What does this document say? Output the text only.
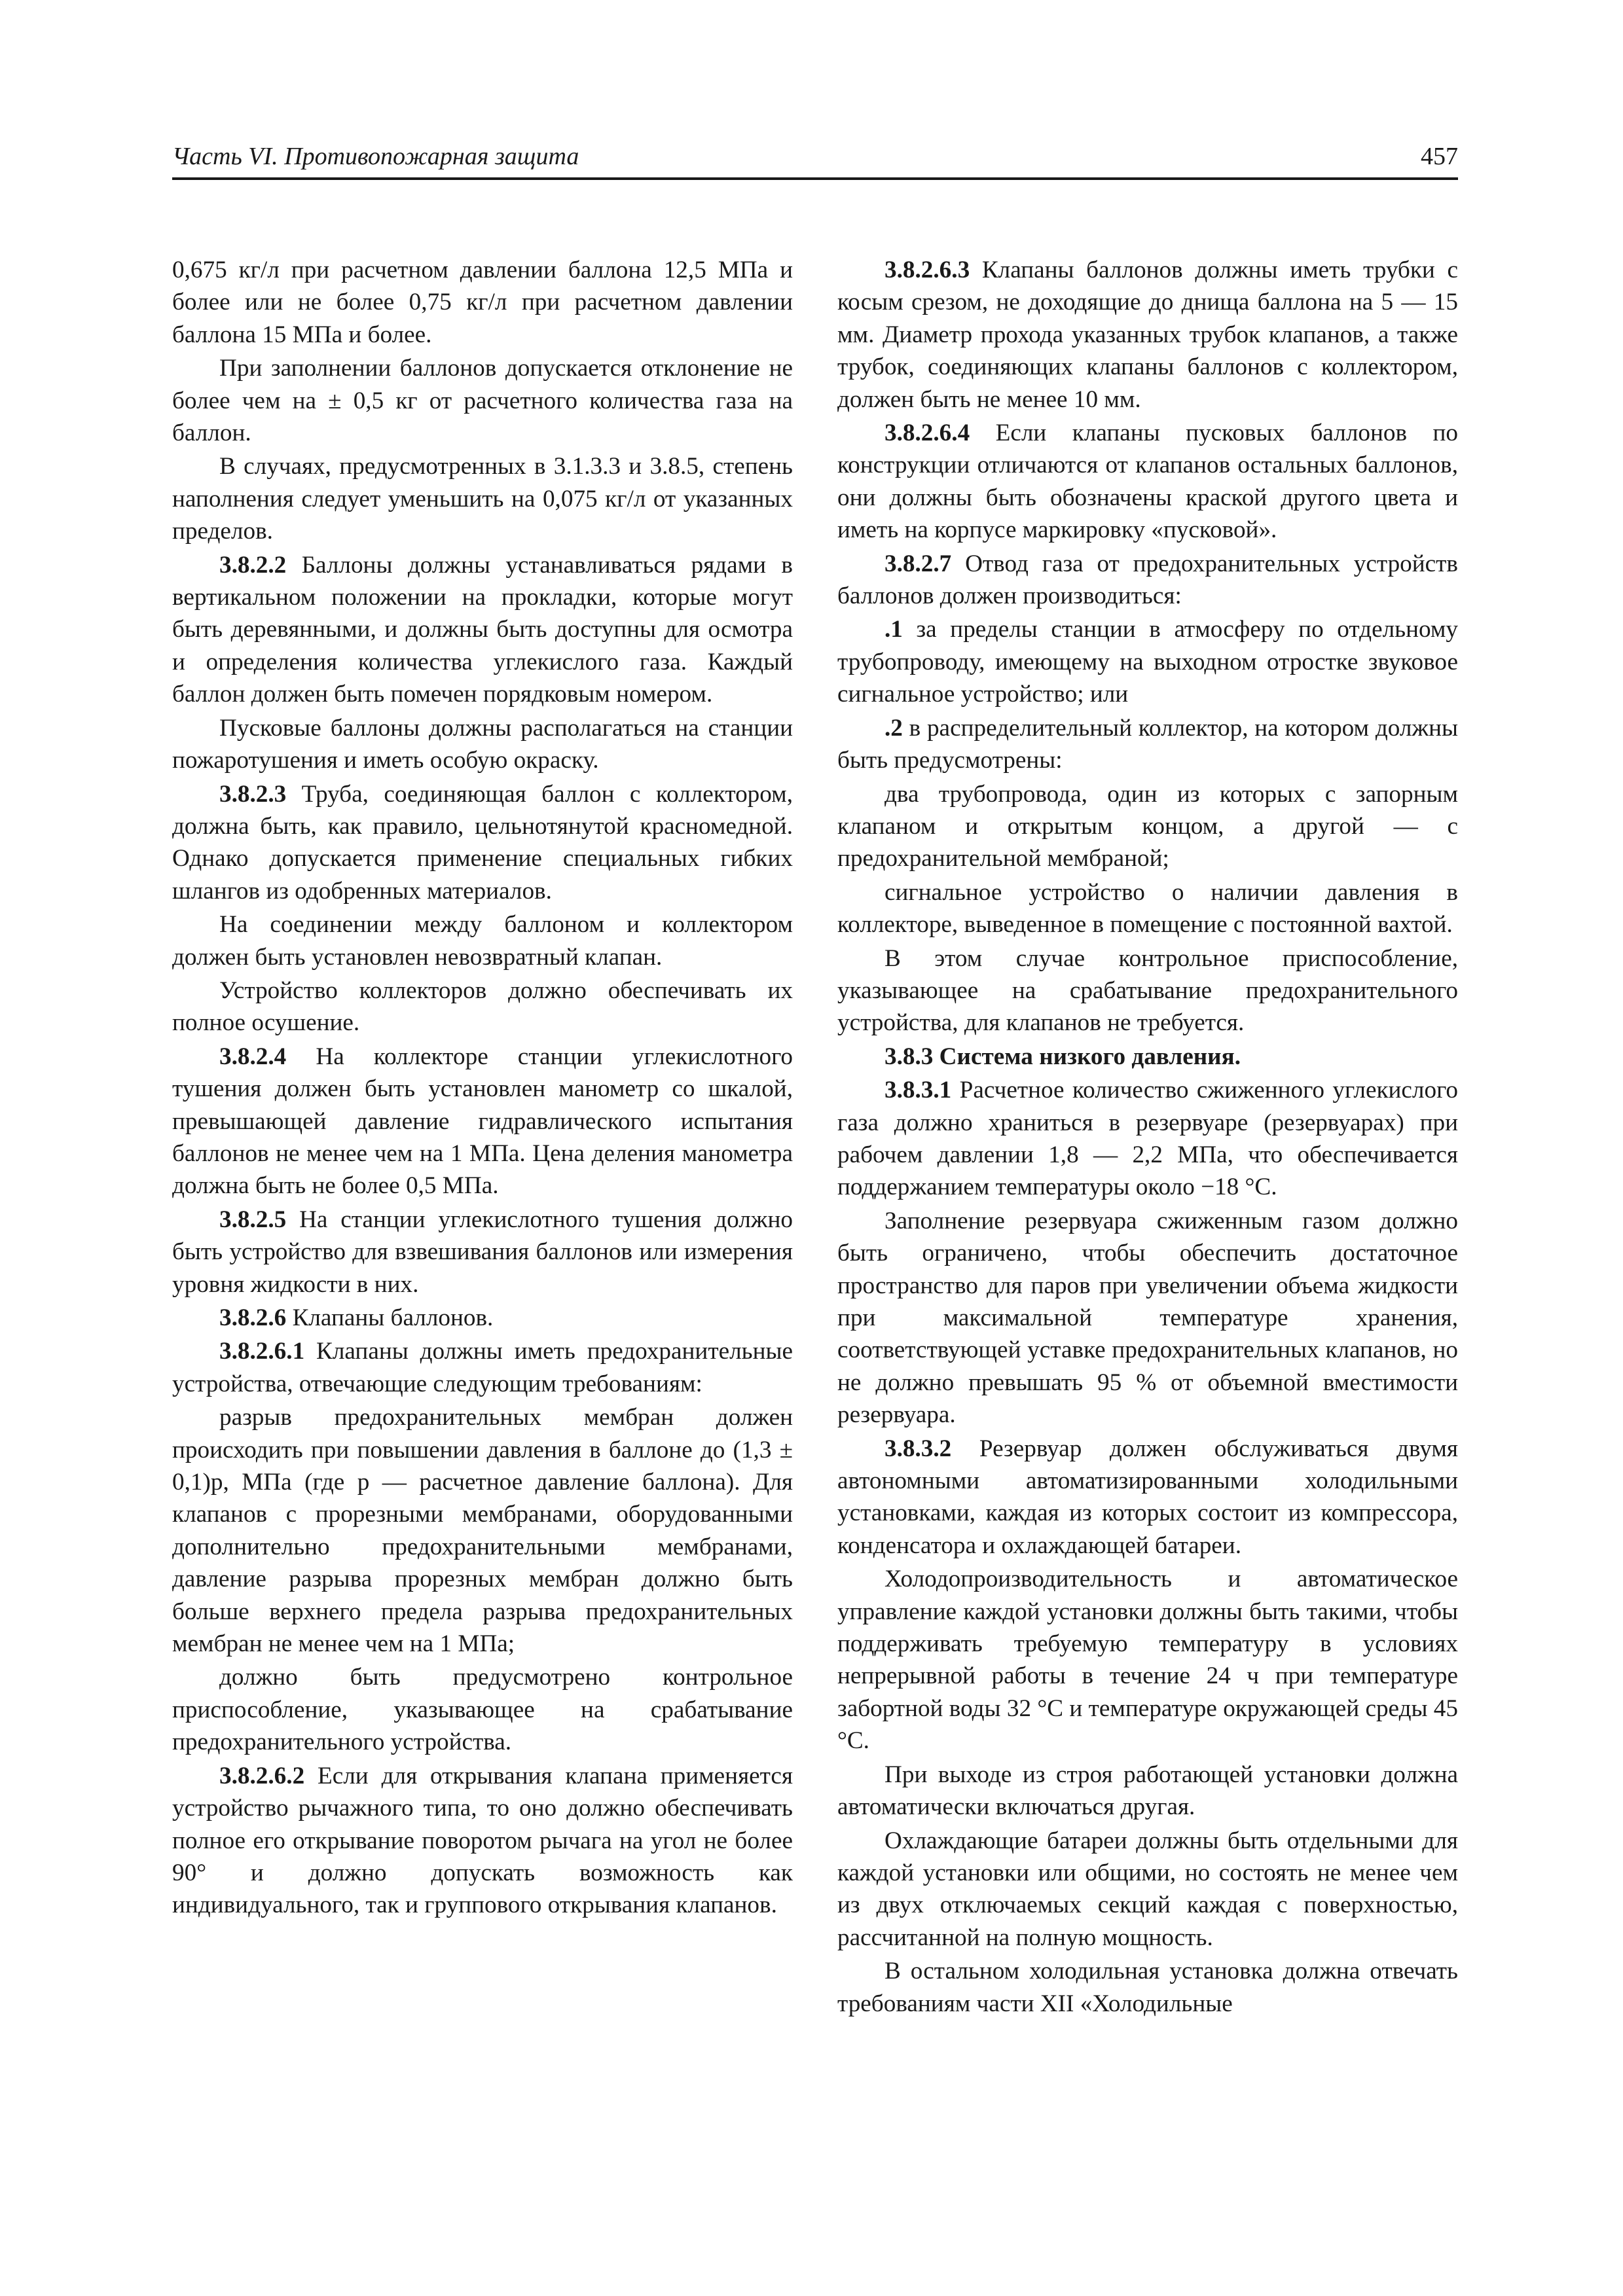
Часть VI. Противопожарная защита	457

0,675 кг/л при расчетном давлении баллона 12,5 МПа и более или не более 0,75 кг/л при расчетном давлении баллона 15 МПа и более.

При заполнении баллонов допускается отклонение не более чем на ± 0,5 кг от расчетного количества газа на баллон.

В случаях, предусмотренных в 3.1.3.3 и 3.8.5, степень наполнения следует уменьшить на 0,075 кг/л от указанных пределов.

3.8.2.2 Баллоны должны устанавливаться рядами в вертикальном положении на прокладки, которые могут быть деревянными, и должны быть доступны для осмотра и определения количества углекислого газа. Каждый баллон должен быть помечен порядковым номером.

Пусковые баллоны должны располагаться на станции пожаротушения и иметь особую окраску.

3.8.2.3 Труба, соединяющая баллон с коллектором, должна быть, как правило, цельнотянутой красномедной. Однако допускается применение специальных гибких шлангов из одобренных материалов.

На соединении между баллоном и коллектором должен быть установлен невозвратный клапан.

Устройство коллекторов должно обеспечивать их полное осушение.

3.8.2.4 На коллекторе станции углекислотного тушения должен быть установлен манометр со шкалой, превышающей давление гидравлического испытания баллонов не менее чем на 1 МПа. Цена деления манометра должна быть не более 0,5 МПа.

3.8.2.5 На станции углекислотного тушения должно быть устройство для взвешивания баллонов или измерения уровня жидкости в них.

3.8.2.6 Клапаны баллонов.

3.8.2.6.1 Клапаны должны иметь предохранительные устройства, отвечающие следующим требованиям:

разрыв предохранительных мембран должен происходить при повышении давления в баллоне до (1,3 ± 0,1)p, МПа (где p — расчетное давление баллона). Для клапанов с прорезными мембранами, оборудованными дополнительно предохранительными мембранами, давление разрыва прорезных мембран должно быть больше верхнего предела разрыва предохранительных мембран не менее чем на 1 МПа;

должно быть предусмотрено контрольное приспособление, указывающее на срабатывание предохранительного устройства.

3.8.2.6.2 Если для открывания клапана применяется устройство рычажного типа, то оно должно обеспечивать полное его открывание поворотом рычага на угол не более 90° и должно допускать возможность как индивидуального, так и группового открывания клапанов.

3.8.2.6.3 Клапаны баллонов должны иметь трубки с косым срезом, не доходящие до днища баллона на 5 — 15 мм. Диаметр прохода указанных трубок клапанов, а также трубок, соединяющих клапаны баллонов с коллектором, должен быть не менее 10 мм.

3.8.2.6.4 Если клапаны пусковых баллонов по конструкции отличаются от клапанов остальных баллонов, они должны быть обозначены краской другого цвета и иметь на корпусе маркировку «пусковой».

3.8.2.7 Отвод газа от предохранительных устройств баллонов должен производиться:

.1 за пределы станции в атмосферу по отдельному трубопроводу, имеющему на выходном отростке звуковое сигнальное устройство; или

.2 в распределительный коллектор, на котором должны быть предусмотрены:

два трубопровода, один из которых с запорным клапаном и открытым концом, а другой — с предохранительной мембраной;

сигнальное устройство о наличии давления в коллекторе, выведенное в помещение с постоянной вахтой.

В этом случае контрольное приспособление, указывающее на срабатывание предохранительного устройства, для клапанов не требуется.

3.8.3 Система низкого давления.

3.8.3.1 Расчетное количество сжиженного углекислого газа должно храниться в резервуаре (резервуарах) при рабочем давлении 1,8 — 2,2 МПа, что обеспечивается поддержанием температуры около −18 °С.

Заполнение резервуара сжиженным газом должно быть ограничено, чтобы обеспечить достаточное пространство для паров при увеличении объема жидкости при максимальной температуре хранения, соответствующей уставке предохранительных клапанов, но не должно превышать 95 % от объемной вместимости резервуара.

3.8.3.2 Резервуар должен обслуживаться двумя автономными автоматизированными холодильными установками, каждая из которых состоит из компрессора, конденсатора и охлаждающей батареи.

Холодопроизводительность и автоматическое управление каждой установки должны быть такими, чтобы поддерживать требуемую температуру в условиях непрерывной работы в течение 24 ч при температуре забортной воды 32 °С и температуре окружающей среды 45 °С.

При выходе из строя работающей установки должна автоматически включаться другая.

Охлаждающие батареи должны быть отдельными для каждой установки или общими, но состоять не менее чем из двух отключаемых секций каждая с поверхностью, рассчитанной на полную мощность.

В остальном холодильная установка должна отвечать требованиям части XII «Холодильные
